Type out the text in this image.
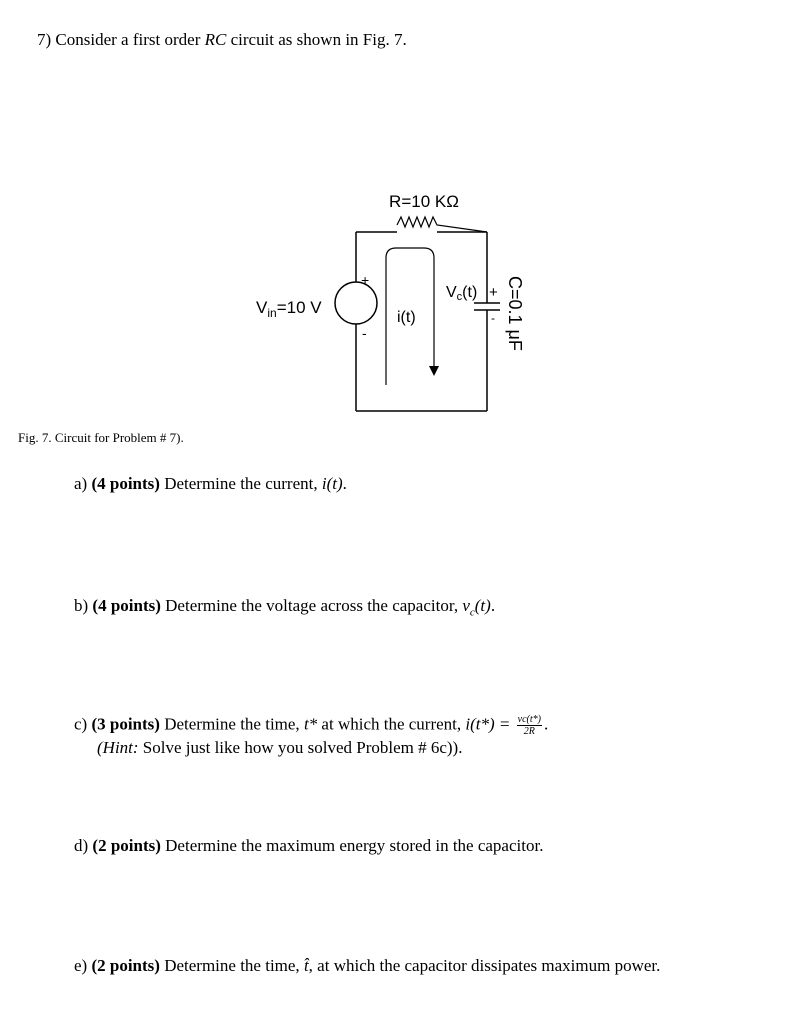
7) Consider a first order RC circuit as shown in Fig. 7.
R=10 KΩ
$V_{in}=10$ V
+
-
i(t)
Vc(t) +
- C=0.1 μF
Fig. 7. Circuit for Problem # 7).
a) (4 points) Determine the current, i(t).
b) (4 points) Determine the voltage across the capacitor, $v_c(t)$.
c) (3 points) Determine the time, t* at which the current, $i(t*) = \frac{vc(t*)}{2R}$ .
(Hint: Solve just like how you solved Problem # 6c)).
d) (2 points) Determine the maximum energy stored in the capacitor.
e) (2 points) Determine the time, t̂, at which the capacitor dissipates maximum power.
